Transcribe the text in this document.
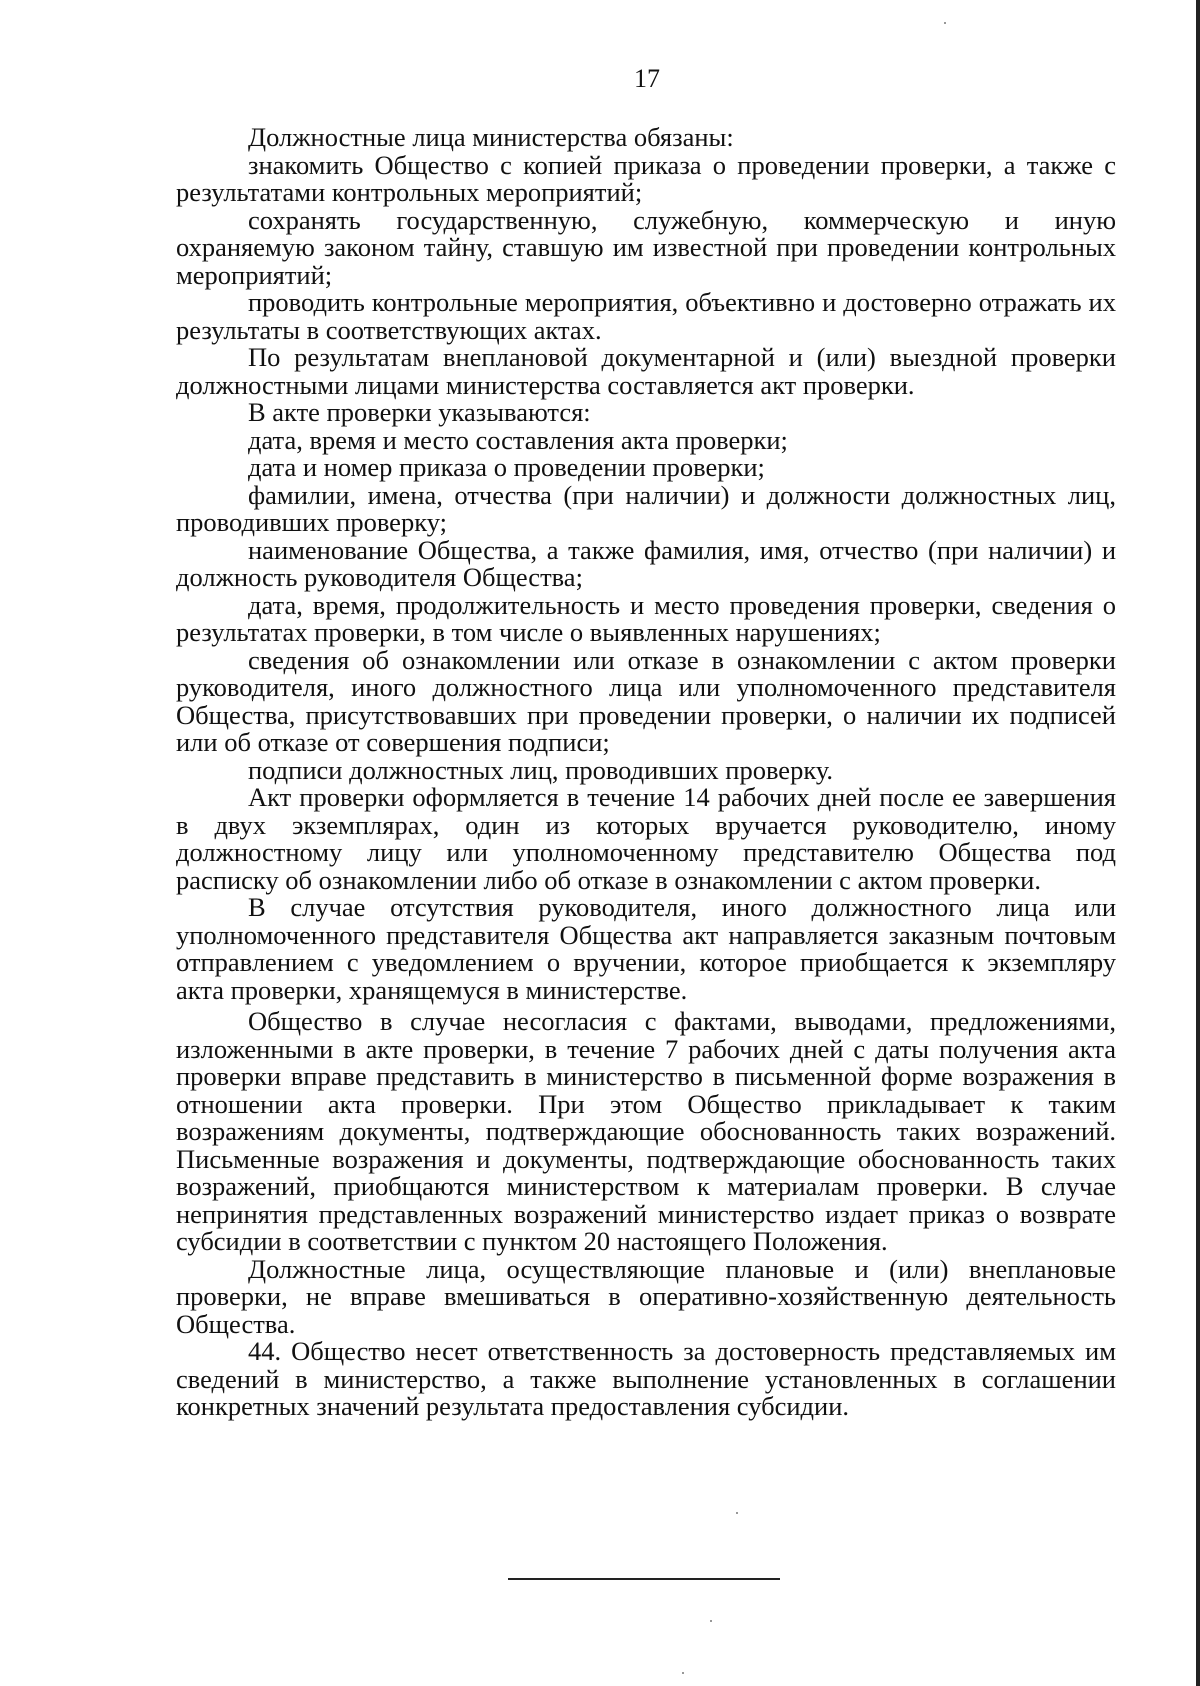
17

Должностные лица министерства обязаны:

знакомить Общество с копией приказа о проведении проверки, а также с результатами контрольных мероприятий;

сохранять государственную, служебную, коммерческую и иную охраняемую законом тайну, ставшую им известной при проведении контрольных мероприятий;

проводить контрольные мероприятия, объективно и достоверно отражать их результаты в соответствующих актах.

По результатам внеплановой документарной и (или) выездной проверки должностными лицами министерства составляется акт проверки.

В акте проверки указываются:

дата, время и место составления акта проверки;

дата и номер приказа о проведении проверки;

фамилии, имена, отчества (при наличии) и должности должностных лиц, проводивших проверку;

наименование Общества, а также фамилия, имя, отчество (при наличии) и должность руководителя Общества;

дата, время, продолжительность и место проведения проверки, сведения о результатах проверки, в том числе о выявленных нарушениях;

сведения об ознакомлении или отказе в ознакомлении с актом проверки руководителя, иного должностного лица или уполномоченного представителя Общества, присутствовавших при проведении проверки, о наличии их подписей или об отказе от совершения подписи;

подписи должностных лиц, проводивших проверку.

Акт проверки оформляется в течение 14 рабочих дней после ее завершения в двух экземплярах, один из которых вручается руководителю, иному должностному лицу или уполномоченному представителю Общества под расписку об ознакомлении либо об отказе в ознакомлении с актом проверки.

В случае отсутствия руководителя, иного должностного лица или уполномоченного представителя Общества акт направляется заказным почтовым отправлением с уведомлением о вручении, которое приобщается к экземпляру акта проверки, хранящемуся в министерстве.

Общество в случае несогласия с фактами, выводами, предложениями, изложенными в акте проверки, в течение 7 рабочих дней с даты получения акта проверки вправе представить в министерство в письменной форме возражения в отношении акта проверки. При этом Общество прикладывает к таким возражениям документы, подтверждающие обоснованность таких возражений. Письменные возражения и документы, подтверждающие обоснованность таких возражений, приобщаются министерством к материалам проверки. В случае непринятия представленных возражений министерство издает приказ о возврате субсидии в соответствии с пунктом 20 настоящего Положения.

Должностные лица, осуществляющие плановые и (или) внеплановые проверки, не вправе вмешиваться в оперативно-хозяйственную деятельность Общества.

44. Общество несет ответственность за достоверность представляемых им сведений в министерство, а также выполнение установленных в соглашении конкретных значений результата предоставления субсидии.
